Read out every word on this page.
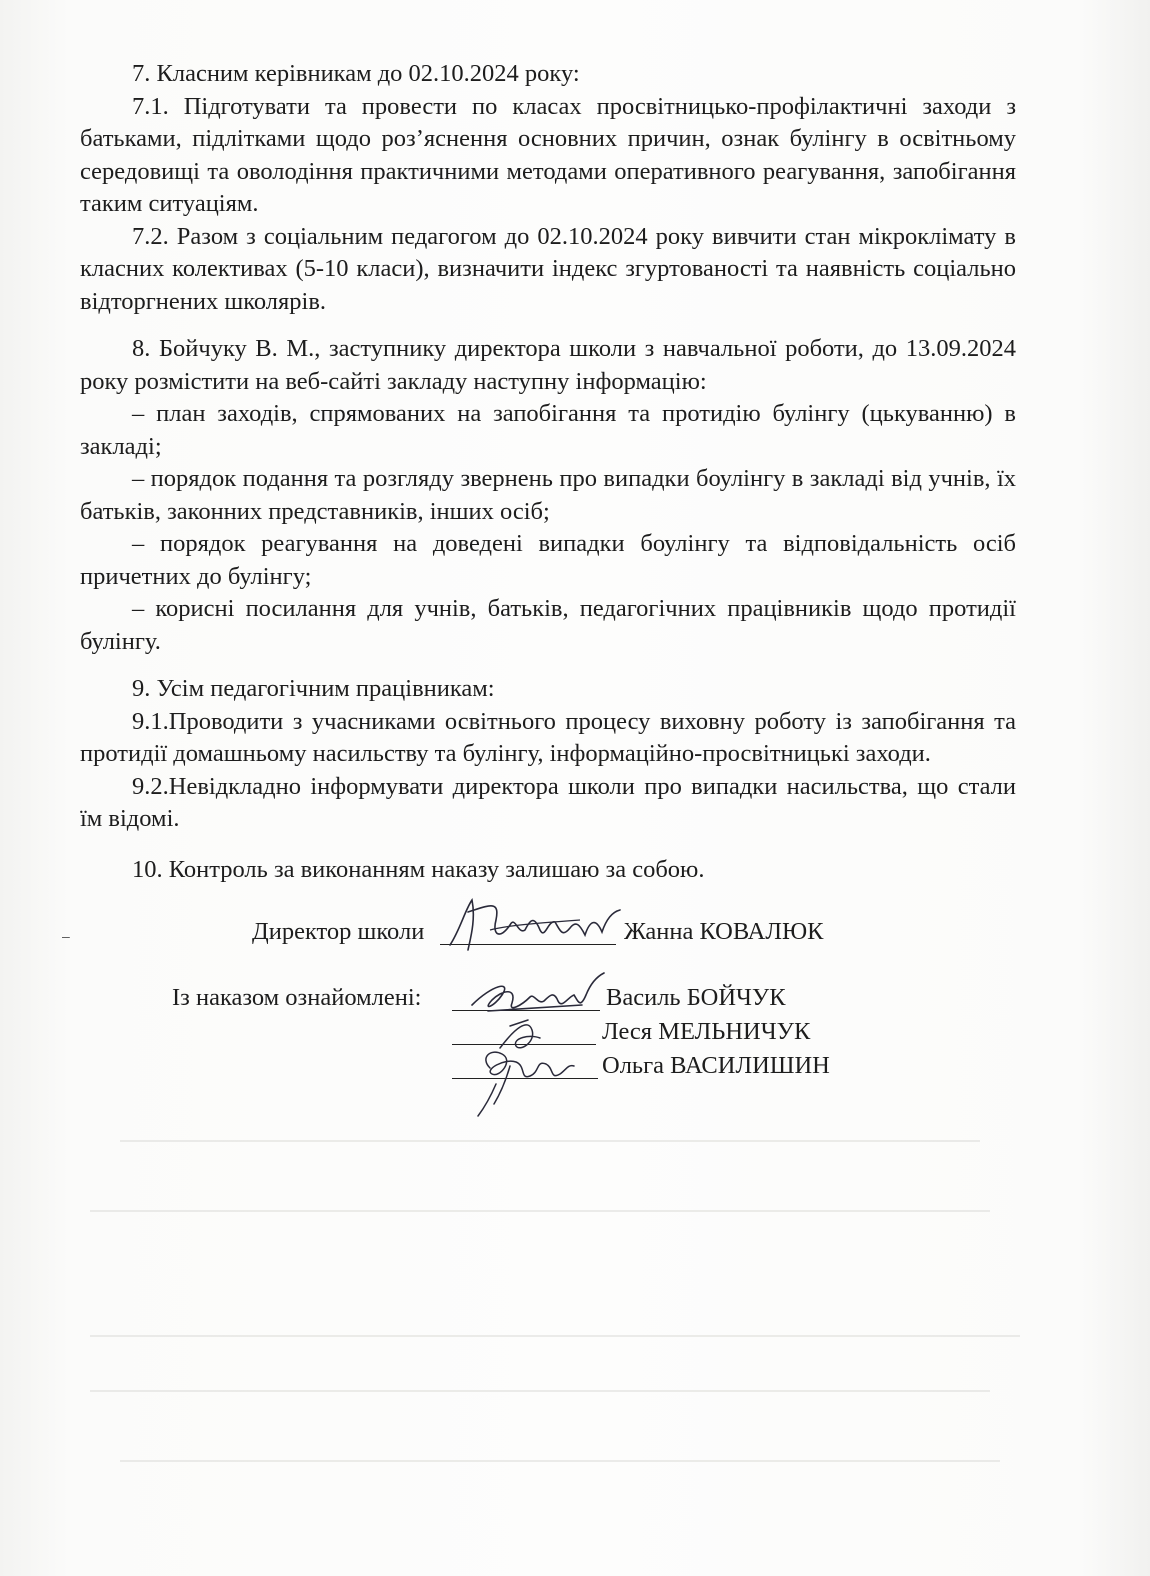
7. Класним керівникам до 02.10.2024 року:

7.1. Підготувати та провести по класах просвітницько-профілактичні заходи з батьками, підлітками щодо роз’яснення основних причин, ознак булінгу в освітньому середовищі та оволодіння практичними методами оперативного реагування, запобігання таким ситуаціям.

7.2. Разом з соціальним педагогом до 02.10.2024 року вивчити стан мікроклімату в класних колективах (5-10 класи), визначити індекс згуртованості та наявність соціально відторгнених школярів.

8. Бойчуку В. М., заступнику директора школи з навчальної роботи, до 13.09.2024 року розмістити на веб-сайті закладу наступну інформацію:

– план заходів, спрямованих на запобігання та протидію булінгу (цькуванню) в закладі;

– порядок подання та розгляду звернень про випадки боулінгу в закладі від учнів, їх батьків, законних представників, інших осіб;

– порядок реагування на доведені випадки боулінгу та відповідальність осіб причетних до булінгу;

– корисні посилання для учнів, батьків, педагогічних працівників щодо протидії булінгу.

9. Усім педагогічним працівникам:

9.1.Проводити з учасниками освітнього процесу виховну роботу із запобігання та протидії домашньому насильству та булінгу, інформаційно-просвітницькі заходи.

9.2.Невідкладно інформувати директора школи про випадки насильства, що стали їм відомі.

10. Контроль за виконанням наказу залишаю за собою.

Директор школи	Жанна КОВАЛЮК
Із наказом ознайомлені:	Василь БОЙЧУК
Леся МЕЛЬНИЧУК
Ольга ВАСИЛИШИН
–
